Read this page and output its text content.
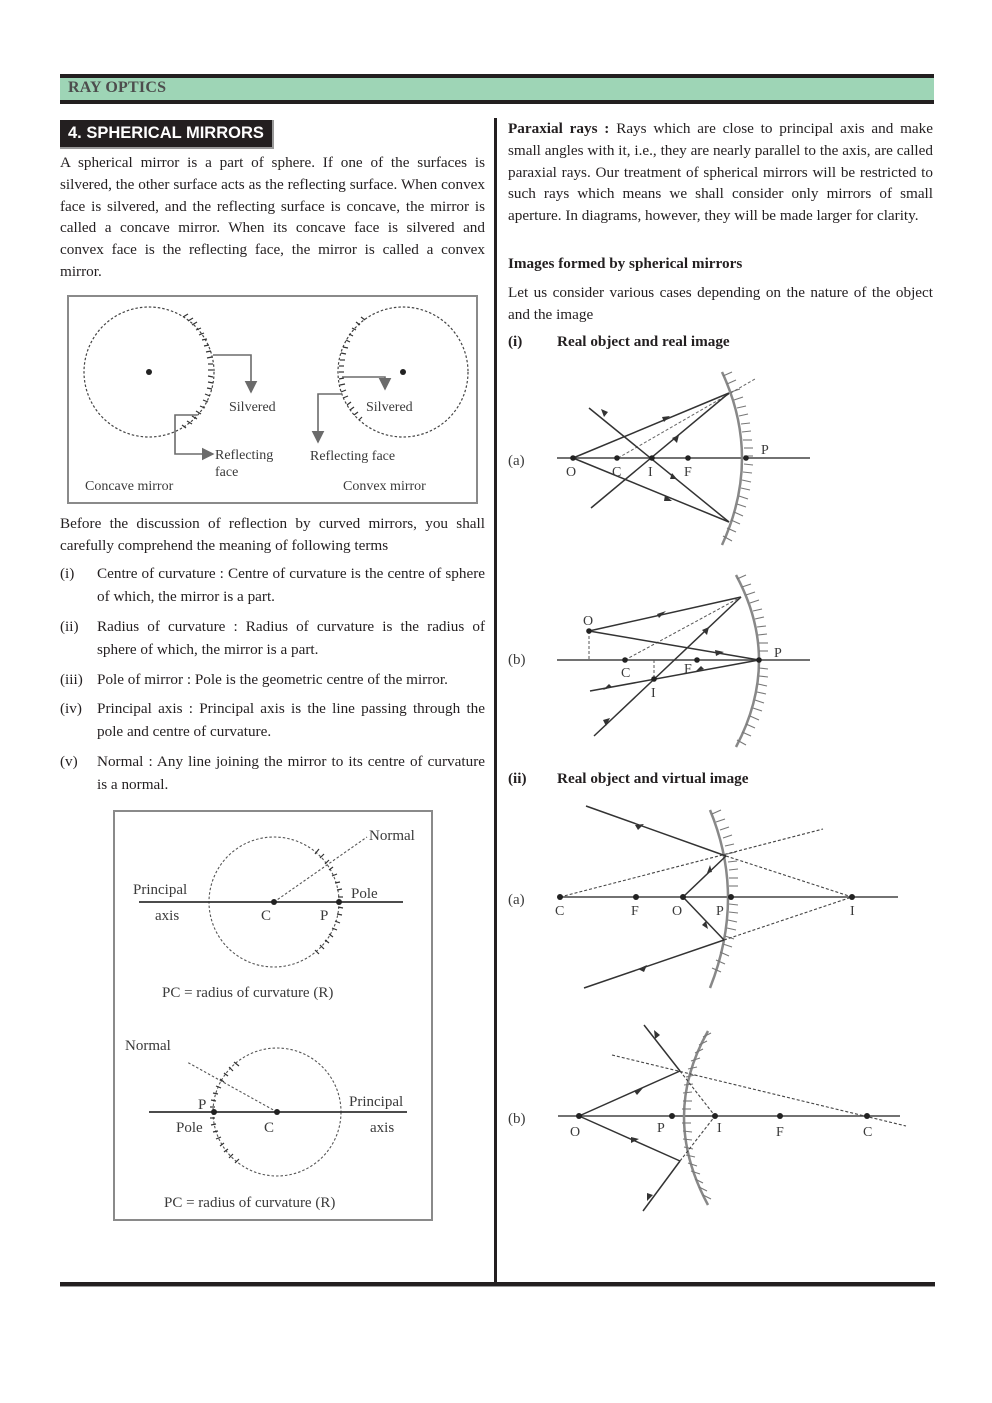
RAY OPTICS
4. SPHERICAL MIRRORS
A spherical mirror is a part of sphere. If one of the surfaces is silvered, the other surface acts as the reflecting surface. When convex face is silvered, and the reflecting surface is concave, the mirror is called a concave mirror. When its concave face is silvered and convex face is the reflecting face, the mirror is called a convex mirror.
Silvered
Reflecting
face
Concave mirror
Silvered
Reflecting face
Convex mirror
Before the discussion of reflection by curved mirrors, you shall carefully comprehend the meaning of following terms
(i)	Centre of curvature : Centre of curvature is the centre of sphere of which, the mirror is a part.
(ii)	Radius of curvature : Radius of curvature is the radius of sphere of which, the mirror is a part.
(iii) Pole of mirror : Pole is the geometric centre of the mirror.
(iv) Principal axis : Principal axis is the line passing through the pole and centre of curvature.
(v)	Normal : Any line joining the mirror to its centre of curvature is a normal.
Normal
Principal
axis
Pole
C	P
PC = radius of curvature (R)
Normal
P
Pole	C
Principal
axis
PC = radius of curvature (R)
Paraxial rays : Rays which are close to principal axis and make small angles with it, i.e., they are nearly parallel to the axis, are called paraxial rays. Our treatment of spherical mirrors will be restricted to such rays which means we shall consider only mirrors of small aperture. In diagrams, however, they will be made larger for clarity.
Images formed by spherical mirrors
Let us consider various cases depending on the nature of the object and the image
(i) Real object and real image
(a)
O	C I F
P
(b)
O
C	F
I
P
(ii) Real object and virtual image
(a)
C	F O P	I
(b)
O	P	I	F	C
